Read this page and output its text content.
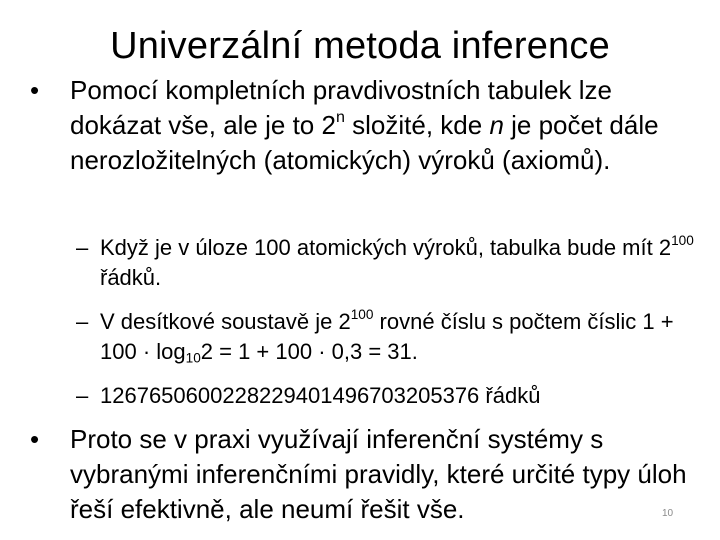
Univerzální metoda inference
• Pomocí kompletních pravdivostních tabulek lze dokázat vše, ale je to 2$^n$ složité, kde n je počet dále nerozložitelných (atomických) výroků (axiomů).
– Když je v úloze 100 atomických výroků, tabulka bude mít $2^{100}$ řádků.
– V desítkové soustavě je $2^{100}$ rovné číslu s počtem číslic $1 + 100 \cdot \log_{10}2 = 1 + 100 \cdot 0,3 = 31$.
– 1267650600228229401496703205376 řádků
• Proto se v praxi využívají inferenční systémy s vybranými inferenčními pravidly, které určité typy úloh řeší efektivně, ale neumí řešit vše.	10
